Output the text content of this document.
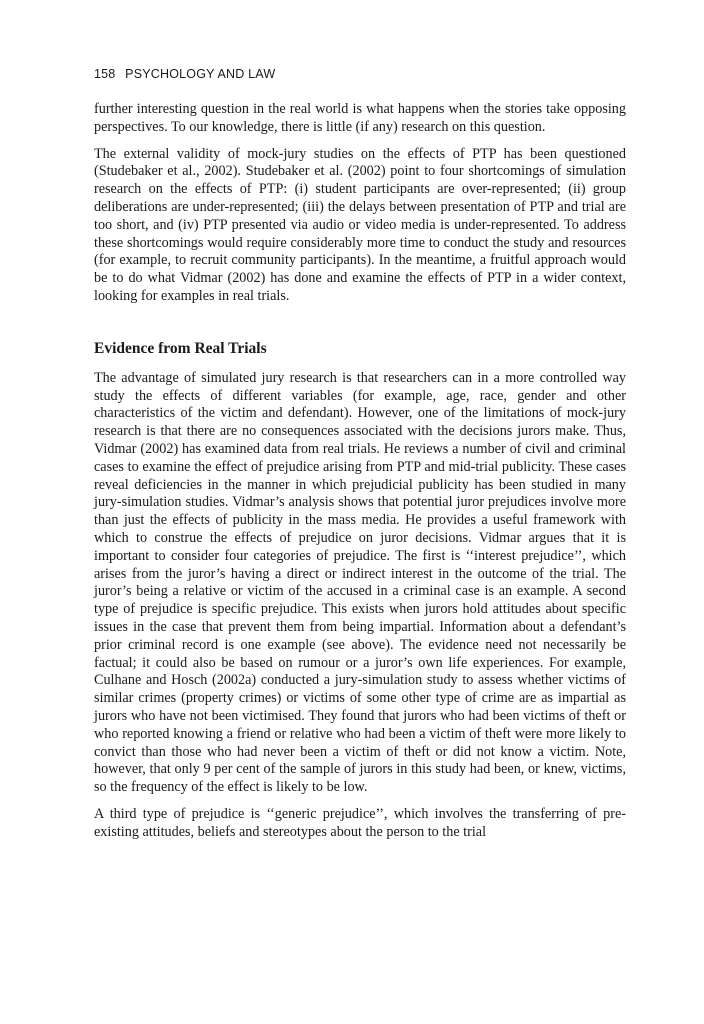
158 PSYCHOLOGY AND LAW

further interesting question in the real world is what happens when the stories take opposing perspectives. To our knowledge, there is little (if any) research on this question.

The external validity of mock-jury studies on the effects of PTP has been questioned (Studebaker et al., 2002). Studebaker et al. (2002) point to four shortcomings of simulation research on the effects of PTP: (i) student participants are over-represented; (ii) group deliberations are under-represented; (iii) the delays between presentation of PTP and trial are too short, and (iv) PTP presented via audio or video media is under-represented. To address these shortcomings would require considerably more time to conduct the study and resources (for example, to recruit community participants). In the meantime, a fruitful approach would be to do what Vidmar (2002) has done and examine the effects of PTP in a wider context, looking for examples in real trials.

Evidence from Real Trials

The advantage of simulated jury research is that researchers can in a more controlled way study the effects of different variables (for example, age, race, gender and other characteristics of the victim and defendant). However, one of the limitations of mock-jury research is that there are no consequences associated with the decisions jurors make. Thus, Vidmar (2002) has examined data from real trials. He reviews a number of civil and criminal cases to examine the effect of prejudice arising from PTP and mid-trial publicity. These cases reveal deficiencies in the manner in which prejudicial publicity has been studied in many jury-simulation studies. Vidmar’s analysis shows that potential juror prejudices involve more than just the effects of publicity in the mass media. He provides a useful framework with which to construe the effects of prejudice on juror decisions. Vidmar argues that it is important to consider four categories of prejudice. The first is ‘‘interest prejudice’’, which arises from the juror’s having a direct or indirect interest in the outcome of the trial. The juror’s being a relative or victim of the accused in a criminal case is an example. A second type of prejudice is specific prejudice. This exists when jurors hold attitudes about specific issues in the case that prevent them from being impartial. Information about a defendant’s prior criminal record is one example (see above). The evidence need not necessarily be factual; it could also be based on rumour or a juror’s own life experiences. For example, Culhane and Hosch (2002a) conducted a jury-simulation study to assess whether victims of similar crimes (property crimes) or victims of some other type of crime are as impartial as jurors who have not been victimised. They found that jurors who had been victims of theft or who reported knowing a friend or relative who had been a victim of theft were more likely to convict than those who had never been a victim of theft or did not know a victim. Note, however, that only 9 per cent of the sample of jurors in this study had been, or knew, victims, so the frequency of the effect is likely to be low.

A third type of prejudice is ‘‘generic prejudice’’, which involves the transferring of pre-existing attitudes, beliefs and stereotypes about the person to the trial
